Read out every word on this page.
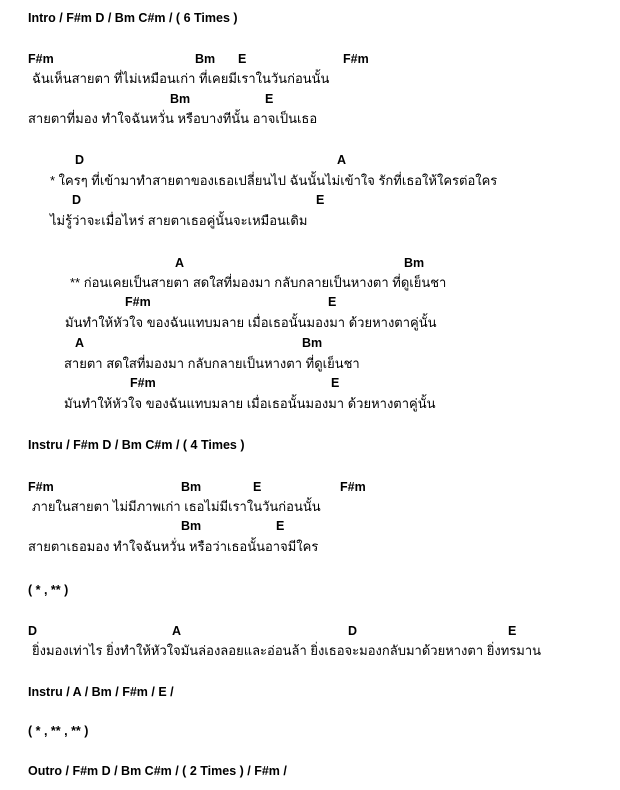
Intro / F#m D / Bm C#m / ( 6 Times )
F#m	Bm E	F#m
ฉันเห็นสายตา ที่ไม่เหมือนเก่า ที่เคยมีเราในวันก่อนนั้น
Bm	E
สายตาที่มอง ทำใจฉันหวั่น หรือบางทีนั้น อาจเป็นเธอ
D	A
* ใครๆ ที่เข้ามาทำสายตาของเธอเปลี่ยนไป ฉันนั้นไม่เข้าใจ รักที่เธอให้ใครต่อใคร
D	E
ไม่รู้ว่าจะเมื่อไหร่ สายตาเธอคู่นั้นจะเหมือนเดิม
A	Bm
** ก่อนเคยเป็นสายตา สดใสที่มองมา กลับกลายเป็นหางตา ที่ดูเย็นชา
F#m	E
มันทำให้หัวใจ ของฉันแทบมลาย เมื่อเธอนั้นมองมา ด้วยหางตาคู่นั้น
A	Bm
สายตา สดใสที่มองมา กลับกลายเป็นหางตา ที่ดูเย็นชา
F#m	E
มันทำให้หัวใจ ของฉันแทบมลาย เมื่อเธอนั้นมองมา ด้วยหางตาคู่นั้น
Instru / F#m D / Bm C#m / ( 4 Times )
F#m	Bm	E	F#m
ภายในสายตา ไม่มีภาพเก่า เธอไม่มีเราในวันก่อนนั้น
Bm	E
สายตาเธอมอง ทำใจฉันหวั่น หรือว่าเธอนั้นอาจมีใคร
( * , ** )
D	A	D	E
ยิ่งมองเท่าไร ยิ่งทำให้หัวใจมันล่องลอยและอ่อนล้า ยิ่งเธอจะมองกลับมาด้วยหางตา ยิ่งทรมาน
Instru / A / Bm / F#m / E /
( * , ** , ** )
Outro / F#m D / Bm C#m / ( 2 Times ) / F#m /
